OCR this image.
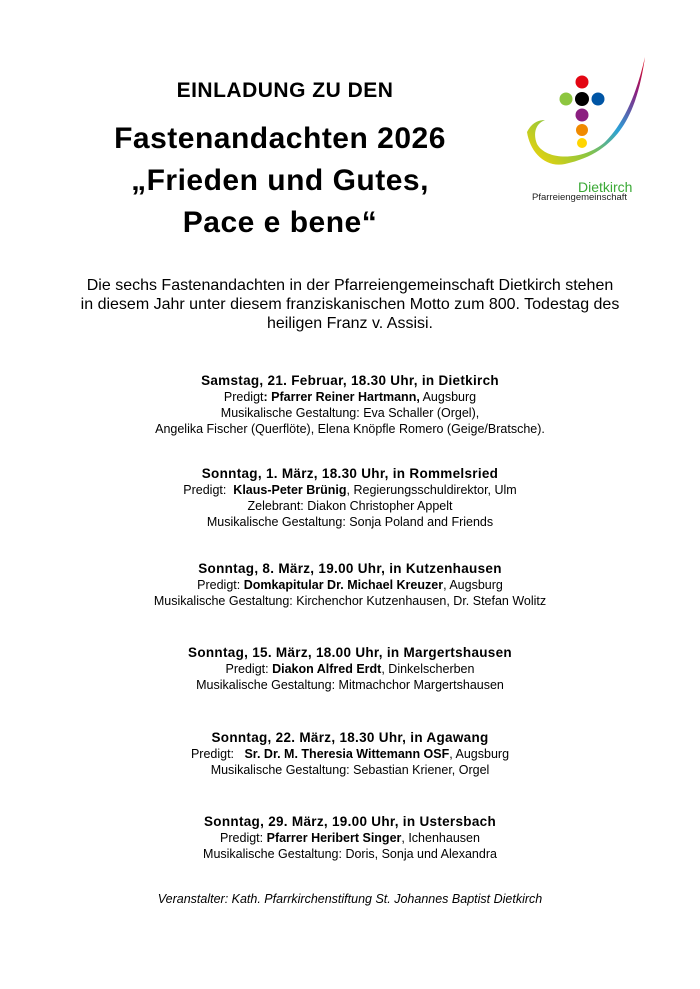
EINLADUNG ZU DEN
Fastenandachten 2026
„Frieden und Gutes,
Pace e bene“
Dietkirch
Pfarreiengemeinschaft
Die sechs Fastenandachten in der Pfarreiengemeinschaft Dietkirch stehen in diesem Jahr unter diesem franziskanischen Motto zum 800. Todestag des heiligen Franz v. Assisi.
Samstag, 21. Februar, 18.30 Uhr, in Dietkirch
Predigt: Pfarrer Reiner Hartmann, Augsburg
Musikalische Gestaltung: Eva Schaller (Orgel),
Angelika Fischer (Querflöte), Elena Knöpfle Romero (Geige/Bratsche).
Sonntag, 1. März, 18.30 Uhr, in Rommelsried
Predigt:  Klaus-Peter Brünig, Regierungsschuldirektor, Ulm
Zelebrant: Diakon Christopher Appelt
Musikalische Gestaltung: Sonja Poland and Friends
Sonntag, 8. März, 19.00 Uhr, in Kutzenhausen
Predigt: Domkapitular Dr. Michael Kreuzer, Augsburg
Musikalische Gestaltung: Kirchenchor Kutzenhausen, Dr. Stefan Wolitz
Sonntag, 15. März, 18.00 Uhr, in Margertshausen
Predigt: Diakon Alfred Erdt, Dinkelscherben
Musikalische Gestaltung: Mitmachchor Margertshausen
Sonntag, 22. März, 18.30 Uhr, in Agawang
Predigt:   Sr. Dr. M. Theresia Wittemann OSF, Augsburg
Musikalische Gestaltung: Sebastian Kriener, Orgel
Sonntag, 29. März, 19.00 Uhr, in Ustersbach
Predigt: Pfarrer Heribert Singer, Ichenhausen
Musikalische Gestaltung: Doris, Sonja und Alexandra
Veranstalter: Kath. Pfarrkirchenstiftung St. Johannes Baptist Dietkirch
